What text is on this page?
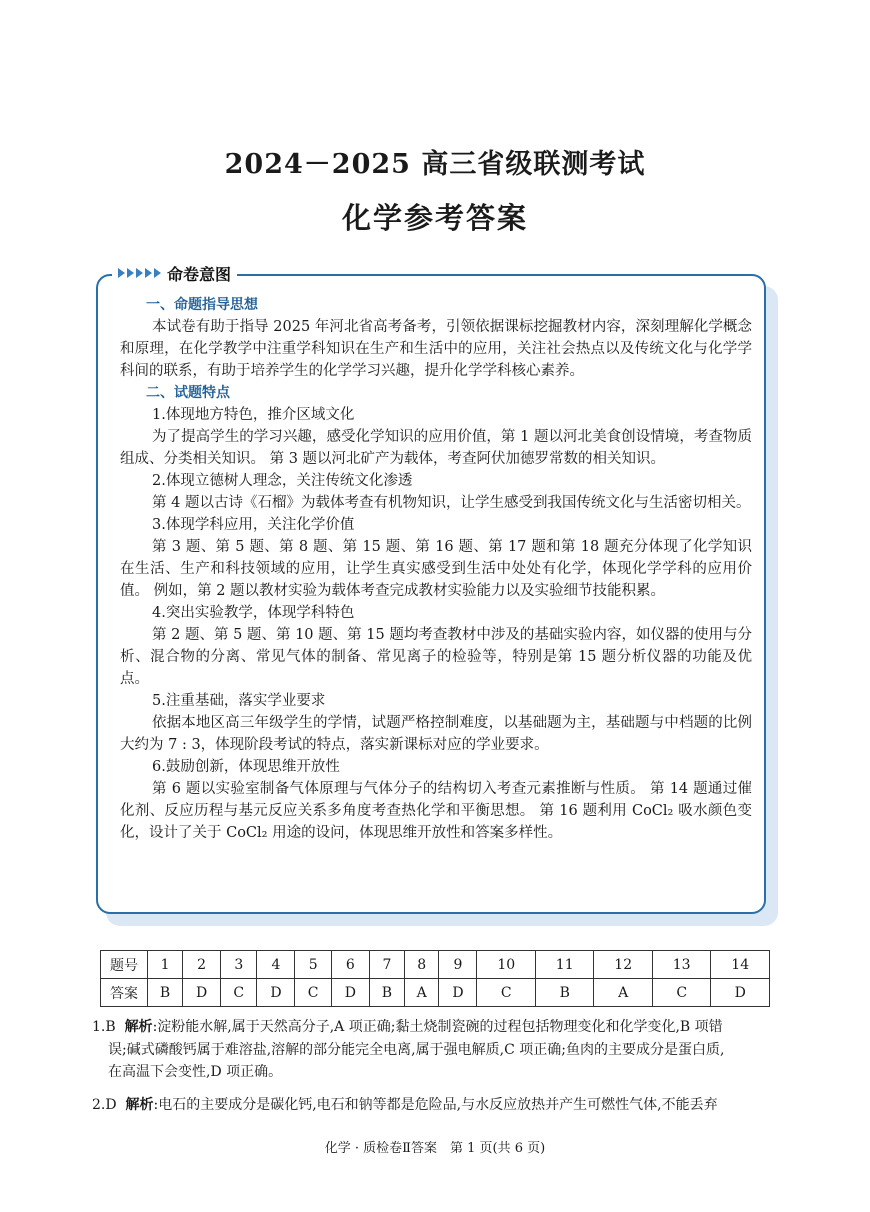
2024－2025 高三省级联测考试
化学参考答案
命卷意图
一、命题指导思想
本试卷有助于指导 2025 年河北省高考备考，引领依据课标挖掘教材内容，深刻理解化学概念和原理，在化学教学中注重学科知识在生产和生活中的应用，关注社会热点以及传统文化与化学学科间的联系，有助于培养学生的化学学习兴趣，提升化学学科核心素养。
二、试题特点
1.体现地方特色，推介区域文化
为了提高学生的学习兴趣，感受化学知识的应用价值，第 1 题以河北美食创设情境，考查物质组成、分类相关知识。 第 3 题以河北矿产为载体，考查阿伏加德罗常数的相关知识。
2.体现立德树人理念，关注传统文化渗透
第 4 题以古诗《石榴》为载体考查有机物知识，让学生感受到我国传统文化与生活密切相关。
3.体现学科应用，关注化学价值
第 3 题、第 5 题、第 8 题、第 15 题、第 16 题、第 17 题和第 18 题充分体现了化学知识在生活、生产和科技领域的应用，让学生真实感受到生活中处处有化学，体现化学学科的应用价值。 例如，第 2 题以教材实验为载体考查完成教材实验能力以及实验细节技能积累。
4.突出实验教学，体现学科特色
第 2 题、第 5 题、第 10 题、第 15 题均考查教材中涉及的基础实验内容，如仪器的使用与分析、混合物的分离、常见气体的制备、常见离子的检验等，特别是第 15 题分析仪器的功能及优点。
5.注重基础，落实学业要求
依据本地区高三年级学生的学情，试题严格控制难度，以基础题为主，基础题与中档题的比例大约为 7 : 3，体现阶段考试的特点，落实新课标对应的学业要求。
6.鼓励创新，体现思维开放性
第 6 题以实验室制备气体原理与气体分子的结构切入考查元素推断与性质。 第 14 题通过催化剂、反应历程与基元反应关系多角度考查热化学和平衡思想。 第 16 题利用 CoCl₂ 吸水颜色变化，设计了关于 CoCl₂ 用途的设问，体现思维开放性和答案多样性。
题号	1	2	3	4	5	6	7	8	9	10	11	12	13	14
答案	B	D	C	D	C	D	B	A	D	C	B	A	C	D
1.B 解析:淀粉能水解,属于天然高分子,A 项正确;黏土烧制瓷碗的过程包括物理变化和化学变化,B 项错
误;碱式磷酸钙属于难溶盐,溶解的部分能完全电离,属于强电解质,C 项正确;鱼肉的主要成分是蛋白质,
在高温下会变性,D 项正确。
2.D 解析:电石的主要成分是碳化钙,电石和钠等都是危险品,与水反应放热并产生可燃性气体,不能丢弃
化学 · 质检卷Ⅱ答案　第 1 页(共 6 页)
